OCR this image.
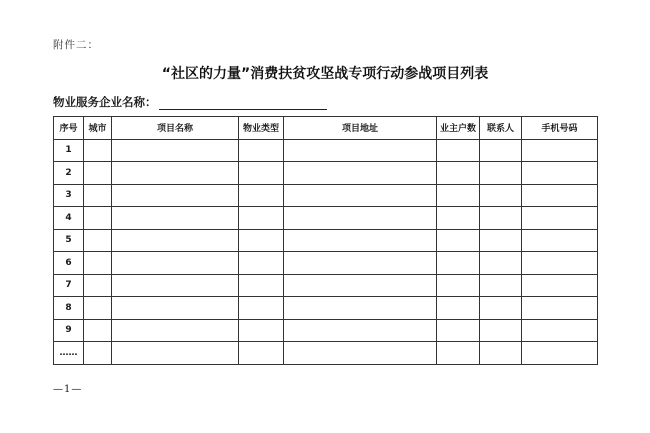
附件二：
“社区的力量”消费扶贫攻坚战专项行动参战项目列表
物业服务企业名称：
序号	城市	项目名称	物业类型	项目地址	业主户数	联系人	手机号码
1							
2							
3							
4							
5							
6							
7							
8							
9							
……							
—1—
